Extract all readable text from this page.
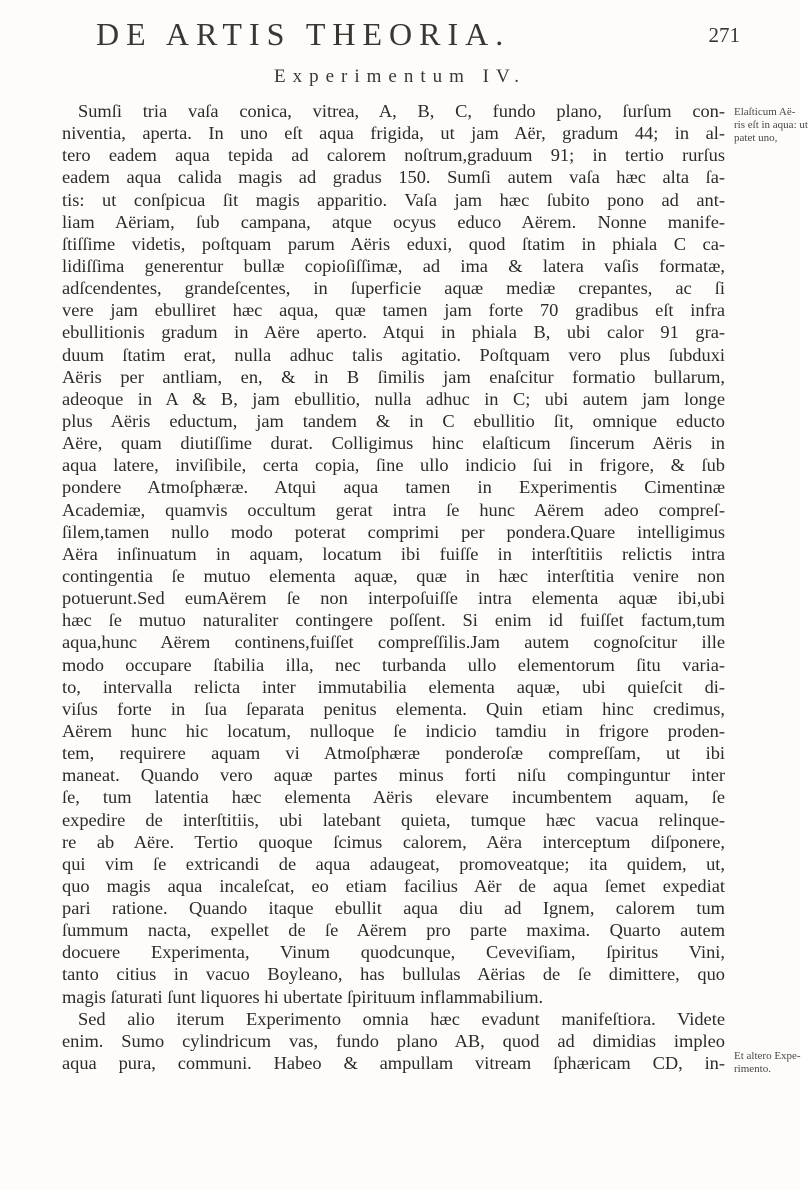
DE ARTIS THEORIA.	271
Experimentum IV.
Sumſi tria vaſa conica, vitrea, A, B, C, fundo plano, ſurſum con-
niventia, aperta. In uno eſt aqua frigida, ut jam Aër, gradum 44; in al-
tero eadem aqua tepida ad calorem noſtrum,graduum 91; in tertio rurſus
eadem aqua calida magis ad gradus 150. Sumſi autem vaſa hæc alta ſa-
tis: ut conſpicua ſit magis apparitio. Vaſa jam hæc ſubito pono ad ant-
liam Aëriam, ſub campana, atque ocyus educo Aërem. Nonne manife-
ſtiſſime videtis, poſtquam parum Aëris eduxi, quod ſtatim in phiala C ca-
lidiſſima generentur bullæ copioſiſſimæ, ad ima & latera vaſis formatæ,
adſcendentes, grandeſcentes, in ſuperficie aquæ mediæ crepantes, ac ſi
vere jam ebulliret hæc aqua, quæ tamen jam forte 70 gradibus eſt infra
ebullitionis gradum in Aëre aperto. Atqui in phiala B, ubi calor 91 gra-
duum ſtatim erat, nulla adhuc talis agitatio. Poſtquam vero plus ſubduxi
Aëris per antliam, en, & in B ſimilis jam enaſcitur formatio bullarum,
adeoque in A & B, jam ebullitio, nulla adhuc in C; ubi autem jam longe
plus Aëris eductum, jam tandem & in C ebullitio ſit, omnique educto
Aëre, quam diutiſſime durat. Colligimus hinc elaſticum ſincerum Aëris in
aqua latere, inviſibile, certa copia, ſine ullo indicio ſui in frigore, & ſub
pondere Atmoſphæræ. Atqui aqua tamen in Experimentis Cimentinæ
Academiæ, quamvis occultum gerat intra ſe hunc Aërem adeo compreſ-
ſilem,tamen nullo modo poterat comprimi per pondera.Quare intelligimus
Aëra inſinuatum in aquam, locatum ibi fuiſſe in interſtitiis relictis intra
contingentia ſe mutuo elementa aquæ, quæ in hæc interſtitia venire non
potuerunt.Sed eumAërem ſe non interpoſuiſſe intra elementa aquæ ibi,ubi
hæc ſe mutuo naturaliter contingere poſſent. Si enim id fuiſſet factum,tum
aqua,hunc Aërem continens,fuiſſet compreſſilis.Jam autem cognoſcitur ille
modo occupare ſtabilia illa, nec turbanda ullo elementorum ſitu varia-
to, intervalla relicta inter immutabilia elementa aquæ, ubi quieſcit di-
viſus forte in ſua ſeparata penitus elementa. Quin etiam hinc credimus,
Aërem hunc hic locatum, nulloque ſe indicio tamdiu in frigore proden-
tem, requirere aquam vi Atmoſphæræ ponderoſæ compreſſam, ut ibi
maneat. Quando vero aquæ partes minus forti niſu compinguntur inter
ſe, tum latentia hæc elementa Aëris elevare incumbentem aquam, ſe
expedire de interſtitiis, ubi latebant quieta, tumque hæc vacua relinque-
re ab Aëre. Tertio quoque ſcimus calorem, Aëra interceptum diſponere,
qui vim ſe extricandi de aqua adaugeat, promoveatque; ita quidem, ut,
quo magis aqua incaleſcat, eo etiam facilius Aër de aqua ſemet expediat
pari ratione. Quando itaque ebullit aqua diu ad Ignem, calorem tum
ſummum nacta, expellet de ſe Aërem pro parte maxima. Quarto autem
docuere Experimenta, Vinum quodcunque, Ceveviſiam, ſpiritus Vini,
tanto citius in vacuo Boyleano, has bullulas Aërias de ſe dimittere, quo
magis ſaturati ſunt liquores hi ubertate ſpirituum inflammabilium.
Sed alio iterum Experimento omnia hæc evadunt manifeſtiora. Videte
enim. Sumo cylindricum vas, fundo plano AB, quod ad dimidias impleo
aqua pura, communi. Habeo & ampullam vitream ſphæricam CD, in-
Elaſticum Aë-
ris eſt in aqua: ut
patet uno,
Et altero Expe-
rimento.
